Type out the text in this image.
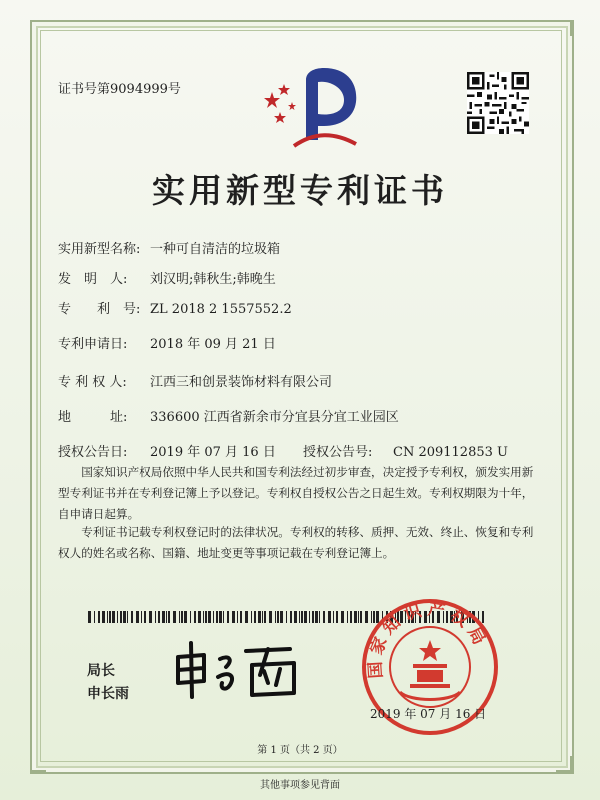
证书号第9094999号
实用新型专利证书
实用新型名称: 一种可自清洁的垃圾箱
发　明　人: 刘汉明;韩秋生;韩晚生
专　　利　号: ZL 2018 2 1557552.2
专利申请日: 2018 年 09 月 21 日
专 利 权 人: 江西三和创景装饰材料有限公司
地　　　址: 336600 江西省新余市分宜县分宜工业园区
授权公告日: 2019 年 07 月 16 日 授权公告号: CN 209112853 U
国家知识产权局依照中华人民共和国专利法经过初步审查，决定授予专利权，颁发实用新型专利证书并在专利登记簿上予以登记。专利权自授权公告之日起生效。专利权期限为十年，自申请日起算。
专利证书记载专利权登记时的法律状况。专利权的转移、质押、无效、终止、恢复和专利权人的姓名或名称、国籍、地址变更等事项记载在专利登记簿上。
局长
申长雨
国家知识产权局
2019 年 07 月 16 日
第 1 页（共 2 页）
其他事项参见背面
